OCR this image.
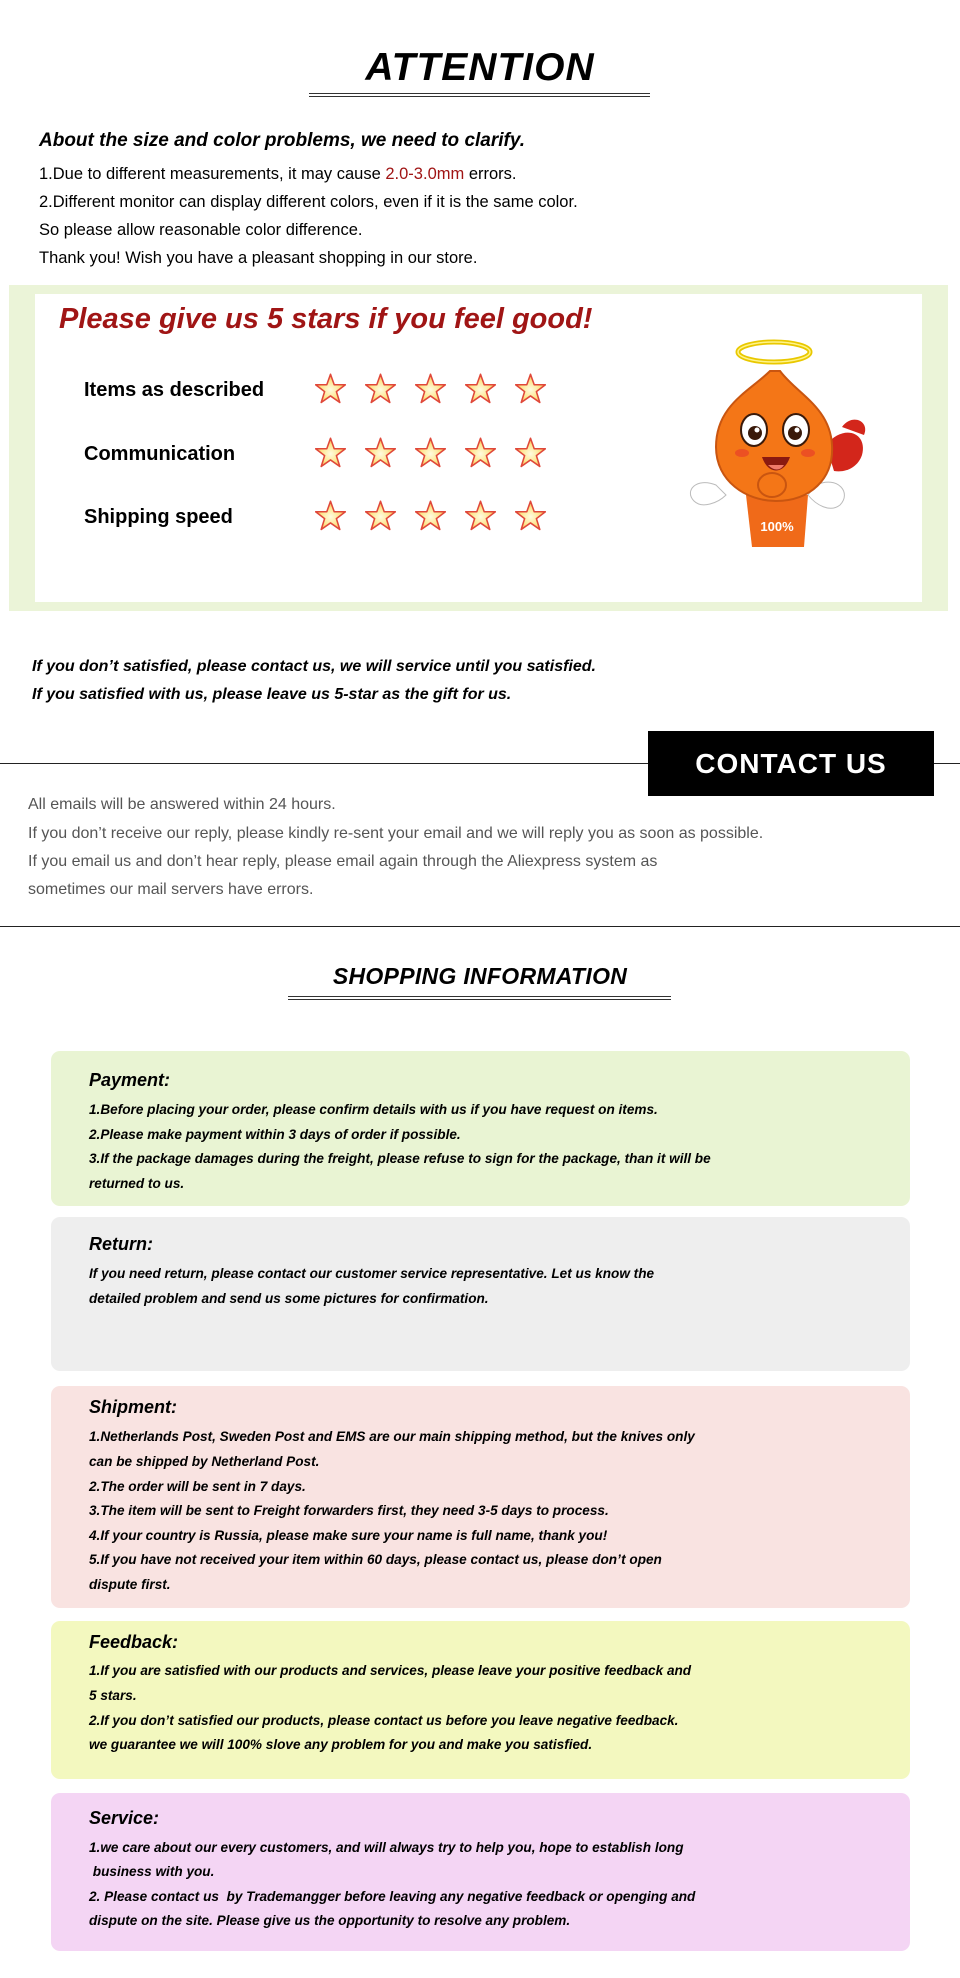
ATTENTION
About the size and color problems, we need to clarify.
1.Due to different measurements, it may cause 2.0-3.0mm errors.
2.Different monitor can display different colors, even if it is the same color.
So please allow reasonable color difference.
Thank you! Wish you have a pleasant shopping in our store.
Please give us 5 stars if you feel good!
Items as described
Communication
Shipping speed	100%
If you don’t satisfied, please contact us, we will service until you satisfied.
If you satisfied with us, please leave us 5-star as the gift for us.
CONTACT US
All emails will be answered within 24 hours.
If you don’t receive our reply, please kindly re-sent your email and we will reply you as soon as possible.
If you email us and don’t hear reply, please email again through the Aliexpress system as
sometimes our mail servers have errors.
SHOPPING INFORMATION
Payment:
1.Before placing your order, please confirm details with us if you have request on items.
2.Please make payment within 3 days of order if possible.
3.If the package damages during the freight, please refuse to sign for the package, than it will be
returned to us.
Return:
If you need return, please contact our customer service representative. Let us know the
detailed problem and send us some pictures for confirmation.
Shipment:
1.Netherlands Post, Sweden Post and EMS are our main shipping method, but the knives only
can be shipped by Netherland Post.
2.The order will be sent in 7 days.
3.The item will be sent to Freight forwarders first, they need 3-5 days to process.
4.If your country is Russia, please make sure your name is full name, thank you!
5.If you have not received your item within 60 days, please contact us, please don’t open
dispute first.
Feedback:
1.If you are satisfied with our products and services, please leave your positive feedback and
5 stars.
2.If you don’t satisfied our products, please contact us before you leave negative feedback.
we guarantee we will 100% slove any problem for you and make you satisfied.
Service:
1.we care about our every customers, and will always try to help you, hope to establish long
business with you.
2. Please contact us  by Trademangger before leaving any negative feedback or openging and
dispute on the site. Please give us the opportunity to resolve any problem.
